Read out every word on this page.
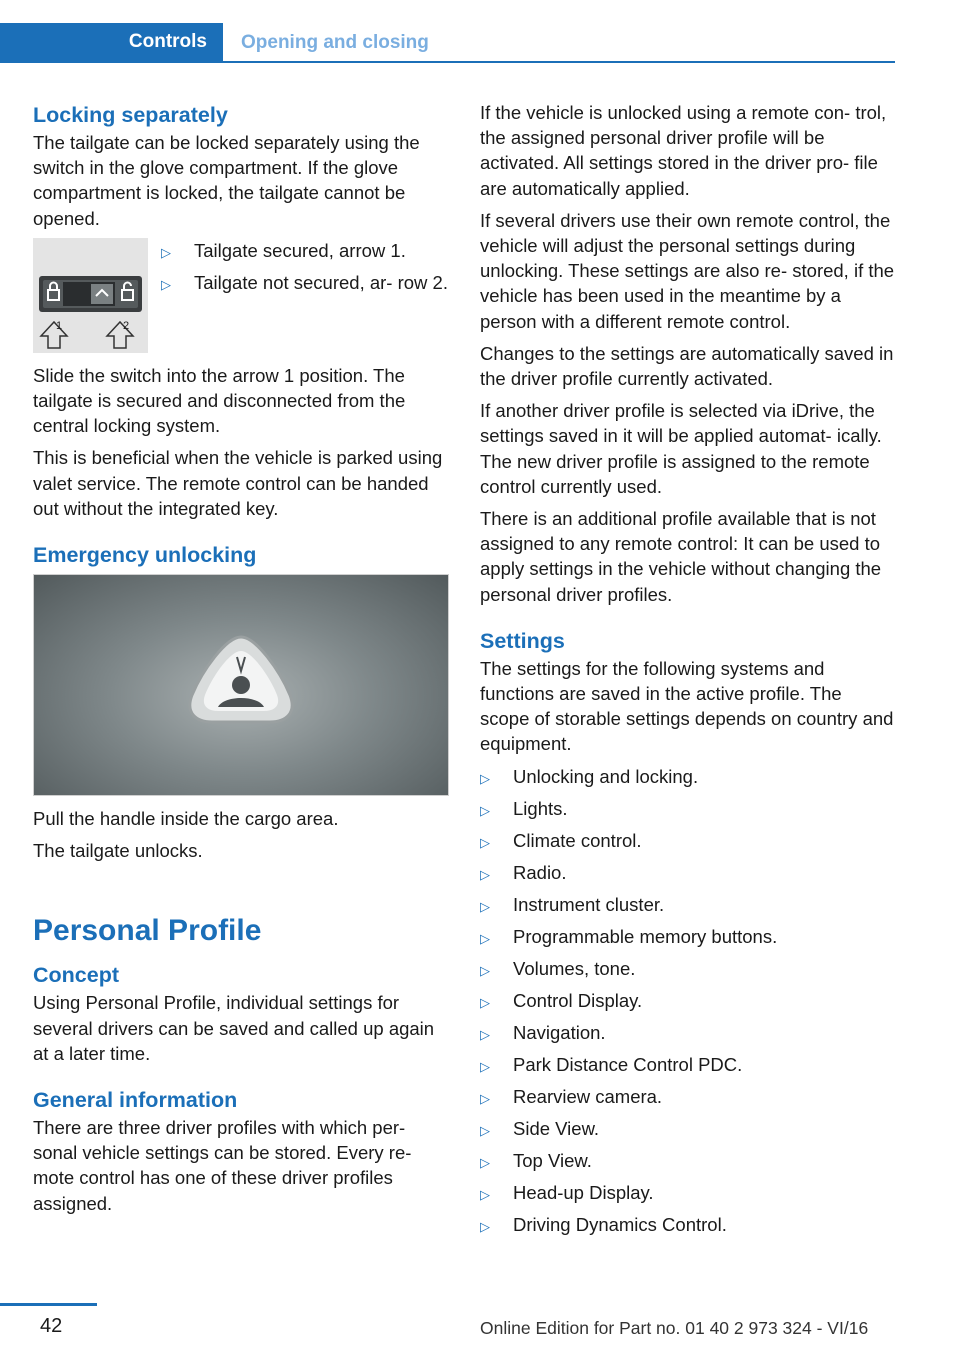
Controls	Opening and closing
Locking separately

The tailgate can be locked separately using the switch in the glove compartment. If the glove compartment is locked, the tailgate cannot be opened.

1	2
▷ Tailgate secured, arrow 1.
▷ Tailgate not secured, ar- row 2.

Slide the switch into the arrow 1 position. The tailgate is secured and disconnected from the central locking system.

This is beneficial when the vehicle is parked using valet service. The remote control can be handed out without the integrated key.

Emergency unlocking

Pull the handle inside the cargo area.

The tailgate unlocks.

Personal Profile
Concept

Using Personal Profile, individual settings for several drivers can be saved and called up again at a later time.

General information

There are three driver profiles with which per- sonal vehicle settings can be stored. Every re- mote control has one of these driver profiles assigned.

If the vehicle is unlocked using a remote con- trol, the assigned personal driver profile will be activated. All settings stored in the driver pro- file are automatically applied.

If several drivers use their own remote control, the vehicle will adjust the personal settings during unlocking. These settings are also re- stored, if the vehicle has been used in the meantime by a person with a different remote control.

Changes to the settings are automatically saved in the driver profile currently activated.

If another driver profile is selected via iDrive, the settings saved in it will be applied automat- ically. The new driver profile is assigned to the remote control currently used.

There is an additional profile available that is not assigned to any remote control: It can be used to apply settings in the vehicle without changing the personal driver profiles.

Settings

The settings for the following systems and functions are saved in the active profile. The scope of storable settings depends on country and equipment.

▷ Unlocking and locking.
▷ Lights.
▷ Climate control.
▷ Radio.
▷ Instrument cluster.
▷ Programmable memory buttons.
▷ Volumes, tone.
▷ Control Display.
▷ Navigation.
▷ Park Distance Control PDC.
▷ Rearview camera.
▷ Side View.
▷ Top View.
▷ Head-up Display.
▷ Driving Dynamics Control.
42	Online Edition for Part no. 01 40 2 973 324 - VI/16
